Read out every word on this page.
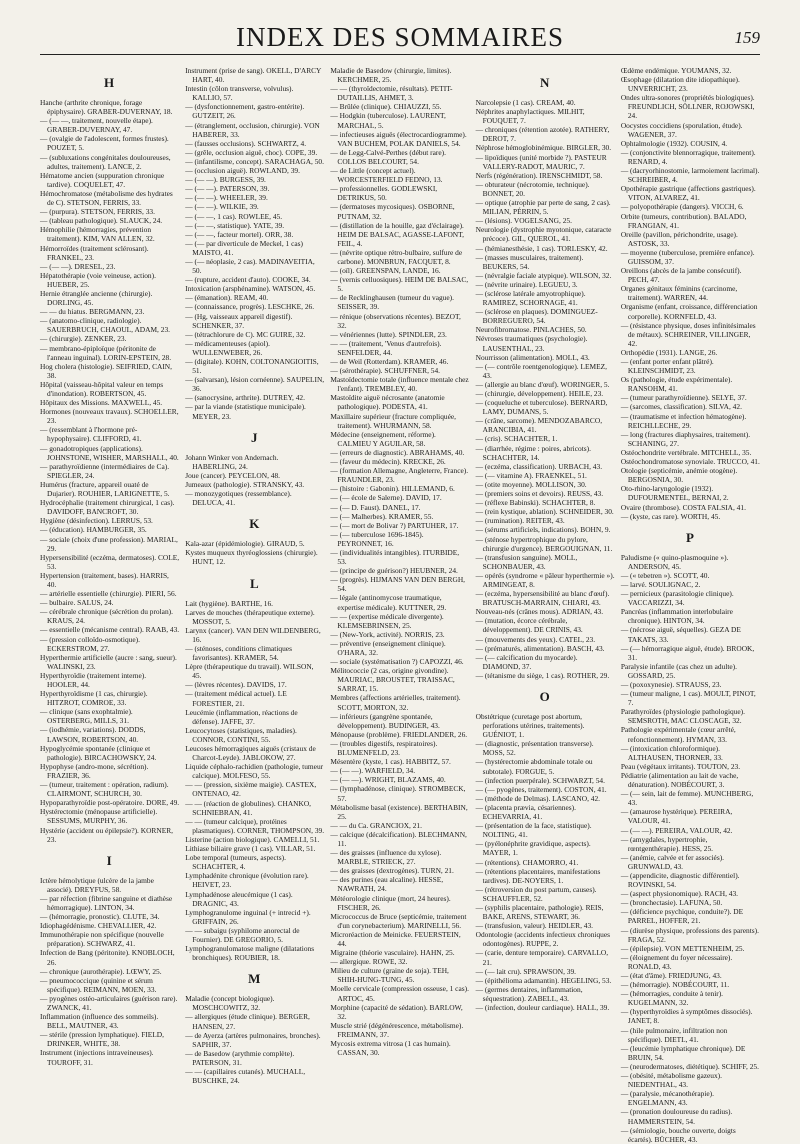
INDEX DES SOMMAIRES	159
H
Hanche (arthrite chronique, forage épiphysaire). GRABER-DUVERNAY, 18.
— (— —, traitement, nouvelle étape). GRABER-DUVERNAY, 47.
— (ovalgie de l'adolescent, formes frustes). POUZET, 5.
— (subluxations congénitales douloureuses, adultes, traitement). LANCE, 2.
Hématome ancien (suppuration chronique tardive). COQUELET, 47.
Hémochromatose (métabolisme des hydrates de C). STETSON, FERRIS, 33.
— (purpura). STETSON, FERRIS, 33.
— (tableau pathologique). SLAUCK, 24.
Hémophilie (hémorragies, prévention traitement). KIM, VAN ALLEN, 32.
Hémorroïdes (traitement sclérosant). FRANKEL, 23.
— (— —). DRESEL, 23.
Hépatothérapie (voie veineuse, action). HUEBER, 25.
Hernie étranglée ancienne (chirurgie). DORLING, 45.
— — du hiatus. BERGMANN, 23.
— (anatomo-clinique, radiologie). SAUERBRUCH, CHAOUL, ADAM, 23.
— (chirurgie). ZENKER, 23.
— membrano-épiploïque (péritonite de l'anneau inguinal). LORIN-EPSTEIN, 28.
Hog cholera (histologie). SEIFRIED, CAIN, 38.
Hôpital (vaisseau-hôpital valeur en temps d'inondation). ROBERTSON, 45.
Hôpitaux des Missions. MAXWELL, 45.
Hormones (nouveaux travaux). SCHOELLER, 23.
— (ressemblant à l'hormone pré-hypophysaire). CLIFFORD, 41.
— gonadotropiques (applications). JOHNSTONE, WISHER, MARSHALL, 40.
— parathyroïdienne (intermédiaires de Ca). SPIEGLER, 24.
Humérus (fracture, appareil ouaté de Dujarier). ROUHIER, LARIGNETTE, 5.
Hydrocéphalie (traitement chirurgical, 1 cas). DAVIDOFF, BANCROFT, 30.
Hygiène (désinfection). LERRUS, 53.
— (éducation). HAMBURGER, 35.
— sociale (choix d'une profession). MARIAL, 29.
Hypersensibilité (eczéma, dermatoses). COLE, 53.
Hypertension (traitement, bases). HARRIS, 40.
— artérielle essentielle (chirurgie). PIERI, 56.
— bulbaire. SALUS, 24.
— cérébrale chronique (sécrétion du prolan). KRAUS, 24.
— essentielle (mécanisme central). RAAB, 43.
— (pression colloïdo-osmotique). ECKERSTROM, 27.
Hyperthermie artificielle (aucre : sang, sueur). WALINSKI, 23.
Hyperthyroïdie (traitement interne). HOOLER, 44.
Hyperthyroïdisme (1 cas, chirurgie). HITZROT, COMROE, 33.
— clinique (sans exophtalmie). OSTERBERG, MILLS, 31.
— (iodhémie, variations). DODDS, LAWSON, ROBERTSON, 40.
Hypoglycémie spontanée (clinique et pathologie). BIRCACHOWSKY, 24.
Hypophyse (andro-mone, sécrétion). FRAZIER, 36.
— (tumeur, traitement : opération, radium). CLAIRMONT, SCHURCH, 30.
Hypoparathyroïdie post-opératoire. DORE, 49.
Hystérectomie (ménopause artificielle). SESSUMS, MURPHY, 36.
Hystérie (accident ou épilepsie?). KORNER, 23.
I
Ictère hémolytique (ulcère de la jambe associé). DREYFUS, 58.
— par réfection (fibrine sanguine et diathèse hémorragique). LINTON, 34.
— (hémorragie, pronostic). CLUTE, 34.
Idiophagédénisme. CHEVALLIER, 42.
Immunothérapie non spécifique (nouvelle préparation). SCHWARZ, 41.
Infection de Bang (péritonite). KNOBLOCH, 26.
— chronique (aurothérapie). LŒWY, 25.
— pneumococcique (quinine et sérum spécifique). REIMANN, MOEN, 33.
— pyogènes ostéo-articulaires (guérison rare). ZWANCK, 41.
Inflammation (influence des sommeils). BELL, MAUTNER, 43.
— stérile (pression lymphatique). FIELD, DRINKER, WHITE, 38.
Instrument (injections intraveineuses). TOUROFF, 31.
Instrument (prise de sang). OKELL, D'ARCY HART, 40.
Intestin (côlon transverse, volvulus). KALLIO, 57.
— (dysfonctionnement, gastro-entérite). GUTZEIT, 26.
— (étranglement, occlusion, chirurgie). VON HABERER, 33.
— (fausses occlusions). SCHWARTZ, 4.
— (grêle, occlusion aiguë, choc). COPE, 39.
— (infantilisme, concept). SARACHAGA, 50.
— (occlusion aiguë). ROWLAND, 39.
— (— —). BURGESS, 39.
— (— —). PATERSON, 39.
— (— —). WHEELER, 39.
— (— —). WILKIE, 39.
— (— —, 1 cas). ROWLEE, 45.
— (— —, statistique). YATE, 39.
— (— —, facteur mortel). ORR, 38.
— (— par diverticule de Meckel, 1 cas) MAISTO, 41.
— (— néoplasie, 2 cas). MADINAVEITIA, 50.
— (rupture, accident d'auto). COOKE, 34.
Intoxication (arsphénamine). WATSON, 45.
— (émanation). REAM, 40.
— (connaissance, progrès). LESCHKE, 26.
— (Hg, vaisseaux appareil digestif). SCHENKER, 37.
— (tétrachlorure de C). MC GUIRE, 32.
— médicamenteuses (apiol). WULLENWEBER, 26.
— (digitale). KOHN, COLTONANGIOITIS, 51.
— (salvarsan), lésion cornéenne). SAUPELIN, 36.
— (sanocrysine, arthrite). DUTREY, 42.
— par la viande (statistique municipale). MEYER, 23.
J
Johann Winker von Andernach. HABERLING, 24.
Joue (cancer). PEYCELON, 48.
Jumeaux (pathologie). STRANSKY, 43.
— monozygotiques (ressemblance). DELUCA, 41.
K
Kala-azar (épidémiologie). GIRAUD, 5.
Kystes muqueux thyréoglossiens (chirurgie). HUNT, 12.
L
Lait (hygiène). BARTHE, 16.
Larves de mouches (thérapeutique externe). MOSSOT, 5.
Larynx (cancer). VAN DEN WILDENBERG, 16.
— (sténoses, conditions climatiques favorisantes). KRAMER, 54.
Lèpre (thérapeutique du travail). WILSON, 45.
— (lèvres récentes). DAVIDS, 17.
— (traitement médical actuel). LE FORESTIER, 21.
Leucémie (inflammation, réactions de défense). JAFFE, 37.
Leucocytoses (statistiques, maladies). CONNOR, CONTINI, 55.
Leucoses hémorragiques aiguës (cristaux de Charcot-Leyde). JABLOKOW, 27.
Liquide céphalo-rachidien (pathologie, tumeur calcique). MOLFESO, 55.
— — (pression, sixième maigie). CASTEX, ONTENAO, 42.
— — (réaction de globulines). CHANKO, SCHNIEBRAN, 41.
— — (tumeur calcique), protéines plasmatiques). CORNER, THOMPSON, 39.
Listerine (action biologique). CAMELLI, 51.
Lithiase biliaire grave (1 cas). VILLAR, 51.
Lobe temporal (tumeurs, aspects). SCHACHTER, 4.
Lymphadénite chronique (évolution rare). HEIVET, 23.
Lymphadénose aleucémique (1 cas). DRAGNIC, 43.
Lymphogranulome inguinal (+ intrecid +). GRIFFAIN, 26.
— — subaigu (syphilome anorectal de Fournier). DE GREGORIO, 5.
Lymphogranulomatose maligne (dilatations bronchiques). ROUBIER, 18.
M
Maladie (concept biologique). MOSCHCOWITZ, 32.
— allergiques (étude clinique). BERGER, HANSEN, 27.
— de Ayerza (artères pulmonaires, bronches). SAPHIR, 37.
— de Basedow (arythmie complète). PATERSON, 31.
— — (capillaires cutanés). MUCHALL, BUSCHKE, 24.
Maladie de Basedow (chirurgie, limites). KERCHMER, 25.
— — (thyroïdectomie, résultats). PETIT-DUTAILLIS, AHMET, 3.
— Brûlée (clinique). CHIAUZZI, 55.
— Hodgkin (tuberculose). LAURENT, MARCHAL, 5.
— infectieuses aiguës (électrocardiogramme). VAN BUCHEM, POLAK DANIELS, 54.
— de Legg-Calvé-Perthes (début rare). COLLOS BELCOURT, 54.
— de Little (concept actuel). WORCESTERFIELD FEDNO, 13.
— professionnelles. GODLEWSKI, DETRIKUS, 50.
— (dermatoses mycosiques). OSBORNE, PUTNAM, 32.
— (distillation de la houille, gaz d'éclairage). HEIM DE BALSAC, AGASSE-LAFONT, FEIL, 4.
— (névrite optique rétro-bulbaire, sulfure de carbone). MONBRUN, FACQUET, 8.
— (oïl). GREENSPAN, LANDE, 16.
— (vernis celluosiques). HEIM DE BALSAC, 5.
— de Recklinghausen (tumeur du vague). SEISSER, 39.
— rénique (observations récentes). BEZOT, 32.
— vénériennes (lutte). SPINDLER, 23.
— — (traitement, 'Venus d'autrefois). SENFELDER, 44.
— de Weil (Rotterdam). KRAMER, 46.
— (sérothérapie). SCHUFFNER, 54.
Mastoïdectomie totale (influence mentale chez l'enfant). TREMBLEY, 40.
Mastoïdite aiguë nécrosante (anatomie pathologique). PODESTA, 41.
Maxillaire supérieur (fracture compliquée, traitement). WHURMANN, 58.
Médecine (enseignement, réforme). CALMIEU Y AGUILAR, 58.
— (erreurs de diagnostic). ABRAHAMS, 40.
— (faveur du médecin). KRECKE, 26.
— (formation Allemagne, Angleterre, France). FRAUNDLER, 23.
— (histoire : Gabonin). HILLEMAND, 6.
— (— école de Salerne). DAVID, 17.
— (— D. Faust). DANEL, 17.
— (— Malherbes). KRAMER, 55.
— (— mort de Bolivar ?) PARTUHER, 17.
— (— tuberculose 1696-1845). PEYRONNET, 16.
— (individualités intangibles). ITURBIDE, 53.
— (principe de guérison?) HEUBNER, 24.
— (progrès). HIJMANS VAN DEN BERGH, 54.
— légale (antinomycose traumatique, expertise médicale). KUTTNER, 29.
— — (expertise médicale divergente). KLEMSEBRINSEN, 25.
— (New-York, activité). NORRIS, 23.
— préventive (enseignement clinique). O'HARA, 32.
— sociale (systématisation ?) CAPOZZI, 46.
Mélitococcie (2 cas, origine givondine). MAURIAC, BROUSTET, TRAISSAC, SARRAT, 15.
Membres (affections artérielles, traitement). SCOTT, MORTON, 32.
— inférieurs (gangrène spontanée, développement). BUDINGER, 43.
Ménopause (problème). FRIEDLANDER, 26.
— (troubles digestifs, respiratoires). BLUMENFELD, 23.
Mésentère (kyste, 1 cas). HABBITZ, 57.
— (— —). WARFIELD, 34.
— (— —). WRIGHT, BLAZAMS, 40.
— (lymphadénose, clinique). STROMBECK, 57.
Métabolisme basal (existence). BERTHABIN, 25.
— — du Ca. GRANCIOX, 21.
— calcique (décalcification). BLECHMANN, 11.
— des graisses (influence du xylose). MARBLE, STRIECK, 27.
— des graisses (dextrogènes). TURN, 21.
— des purines (eau alcaline). HESSE, NAWRATH, 24.
Météorologie clinique (mort, 24 heures). FISCHER, 26.
Micrococcus de Bruce (septicémie, traitement d'un corynebacterium). MARINELLI, 56.
Microréaction de Meinicke. FEUERSTEIN, 44.
Migraine (théorie vasculaire). HAHN, 25.
— allergique. ROWE, 32.
Milieu de culture (graine de soja). TEH, SHIH-HUNG-TUNG, 45.
Moelle cervicale (compression osseuse, 1 cas). ARTOC, 45.
Morphine (capacité de sédation). BARLOW, 32.
Muscle strié (dégénérescence, métabolisme). FREIMANN, 37.
Mycosis extrema vitrosa (1 cas humain). CASSAN, 30.
N
Narcolepsie (1 cas). CREAM, 40.
Néphrites anaphylactiques. MILHIT, FOUQUET, 7.
— chroniques (rétention azotée). RATHERY, DEROT, 7.
Néphrose hémoglobinémique. BIRGLER, 30.
— lipoïdiques (unité morbide ?). PASTEUR VALLERY-RADOT, MAURIC, 7.
Nerfs (régénération). IRENSCHMIDT, 58.
— obturateur (nécrotomie, technique). BONNET, 20.
— optique (atrophie par perte de sang, 2 cas). MILIAN, PÉRRIN, 5.
— (lésions). VOGELSANG, 25.
Neurologie (dystrophie myotonique, cataracte précoce). GIL, QUEROL, 41.
— (hémianesthésie, 1 cas). TORLESKY, 42.
— (masses musculaires, traitement). BEUKERS, 54.
— (névralgie faciale atypique). WILSON, 32.
— (névrite urinaire). LEGUEU, 3.
— (sclérose latérale amyotrophique). RAMIREZ, SCHORNAGE, 41.
— (sclérose en plaques). DOMINGUEZ-BORREGUERO, 54.
Neurofibromatose. PINLACHES, 50.
Névroses traumatiques (psychologie). LAUSENTHAL, 23.
Nourrisson (alimentation). MOLL, 43.
— (— contrôle roentgenologique). LEMEZ, 43.
— (allergie au blanc d'œuf). WORINGER, 5.
— (chirurgie, développement). HEILE, 23.
— (coqueluche et tuberculose). BERNARD, LAMY, DUMANS, 5.
— (crâne, sarcome). MENDOZABARCO, ARANCIBIA, 41.
— (cris). SCHACHTER, 1.
— (diarrhée, régime : poires, abricots). SCHACHTER, 14.
— (eczéma, classification). URBACH, 43.
— (— vitamine A). FRAENKEL, 51.
— (otite moyenne). MOLLISON, 30.
— (premiers soins et devoirs). REUSS, 43.
— (réflexe Babinski). SCHACHTER, 8.
— (rein kystique, ablation). SCHNEIDER, 30.
— (rumination). REITER, 43.
— (sérums artificiels, indications). BOHN, 9.
— (sténose hypertrophique du pylore, chirurgie d'urgence). BERGOUIGNAN, 11.
— (transfusion sanguine). MOLL, SCHONBAUER, 43.
— opérés (syndrome « pâleur hyperthermie »). ARMINGEAT, 8.
— (eczéma, hypersensibilité au blanc d'œuf). BRATUSCH-MARRAIN, CHIARI, 43.
Nouveau-nés (crânes mous). ADRIAN, 43.
— (mutation, écorce cérébrale, développement). DE CRINIS, 43.
— (mouvements des yeux). CATEL, 23.
— (prématurés, alimentation). BASCH, 43.
— (— calcification du myocarde). DIAMOND, 37.
— (tétanisme du siège, 1 cas). ROTHER, 29.
O
Obstétrique (curetage post abortum, perforations utérines, traitements). GUÉNIOT, 1.
— (diagnostic, présentation transverse). MOSS, 52.
— (hystérectomie abdominale totale ou subtotale). FORGUE, 5.
— (infection puerpérale). SCHWARZT, 54.
— (— pyogènes, traitement). COSTON, 41.
— (méthode de Delmas). LASCANO, 42.
— (placenta prævia, césariennes). ECHEVARRIA, 41.
— (présentation de la face, statistique). NOLTING, 41.
— (pyélonéphrite gravidique, aspects). MAYER, 1.
— (rétentions). CHAMORRO, 41.
— (rétentions placentaires, manifestations tardives). DE-NOYERS, 1.
— (rétroversion du post partum, causes). SCHAUFFLER, 52.
— (syphilis placentaire, pathologie). REIS, BAKE, ARENS, STEWART, 36.
— (transfusion, valeur). HEIDLER, 43.
Odontologie (accidents infectieux chroniques odontogènes). RUPPE, 2.
— (carie, denture temporaire). CARVALLO, 21.
— (— lait cru). SPRAWSON, 39.
— (épithélioma adamantin). HEGELING, 53.
— (germes dentaires, inflammation, séquestration). ZABELL, 43.
— (infection, douleur cardiaque). HALL, 39.
Œdème endémique. YOUMANS, 32.
Œsophage (dilatation dite idiopathique). UNVERRICHT, 23.
Ondes ultra-sonores (propriétés biologiques). FREUNDLICH, SÖLLNER, ROJOWSKI, 24.
Oocystes coccidiens (sporulation, étude). WAGENER, 37.
Ophtalmologie (1932). COUSIN, 4.
— (conjonctivite blennorragique, traitement). RENARD, 4.
— (dacryorhinostomie, larmoiement lacrimal). SCHREIBER, 4.
Opothérapie gastrique (affections gastriques). VITON, ALVAREZ, 41.
— polyopothérapie (dangers). VICCH, 6.
Orbite (tumeurs, contribution). BALADO, FRANGIAN, 41.
Oreille (pavillon, périchondrite, usage). ASTOSK, 33.
— moyenne (tuberculose, première enfance). GUISSOM, 37.
Oreillons (abcès de la jambe consécutif). PECH, 47.
Organes génitaux féminins (carcinome, traitement). WARREN, 44.
Organisme (enfant, croissance, différenciation corporelle). KORNFELD, 43.
— (résistance physique, doses infinitésimales de métaux). SCHREINER, VILLINGER, 42.
Orthopédie (1931). LANGE, 26.
— (enfant porter enfant plâtré). KLEINSCHMIDT, 23.
Os (pathologie, étude expérimentale). RANSOHM, 41.
— (tumeur parathyroïdienne). SELYE, 37.
— (sarcomes, classification). SILVA, 42.
— (traumatisme et infection hématogène). REICHLLECHE, 29.
— long (fractures diaphysaires, traitement). SCHANING, 27.
Ostéochondrite vertébrale. MITCHELL, 35.
Ostéochondromatose synoviale. TRUCCO, 41.
Otologie (septicémie, anémie otogène). BERGOSNIA, 30.
Oto-rhino-laryngologie (1932). DUFOURMENTEL, BERNAI, 2.
Ovaire (thrombose). COSTA FALSIA, 41.
— (kyste, cas rare). WORTH, 45.
P
Paludisme (« quino-plasmoquine »). ANDERSON, 45.
— (« tebetren »). SCOTT, 40.
— larvé. SOULIGNAC, 2.
— pernicieux (parasitologie clinique). VACCARIZZI, 34.
Pancréas (inflammation interlobulaire chronique). HINTON, 34.
— (nécrose aiguë, séquelles). GEZA DE TAKATS, 33.
— (— hémorragique aiguë, étude). BROOK, 31.
Paralysie infantile (cas chez un adulte). GOSSARD, 25.
— (poxoxynesie). STRAUSS, 23.
— (tumeur maligne, 1 cas). MOULT, PINOT, 7.
Parathyroïdes (physiologie pathologique). SEMSROTH, MAC CLOSCAGE, 32.
Pathologie expérimentale (cœur arrêté, refonctionnement). HYMAN, 33.
— (intoxication chloroformique). ALTHAUSEN, THORNER, 33.
Peau (végétaux irritants). TOUTON, 23.
Pédiatrie (alimentation au lait de vache, dénaturation). NOBÉCOURT, 3.
— (— sein, lait de femme). MUNCHBERG, 43.
— (amaurose hystérique). PEREIRA, VALOUR, 41.
— (— —). PEREIRA, VALOUR, 42.
— (amygdales, hypertrophie, rœntgenthérapie). HESS, 25.
— (anémie, calvée et fer associés). GRUNWALD, 43.
— (appendicite, diagnostic différentiel). ROVINSKI, 54.
— (aspect physionomique). RACH, 43.
— (bronchectasie). LAFUNA, 50.
— (déficience psychique, conduite?). DE PARREL, HOFFER, 21.
— (diurèse physique, professions des parents). FRAGA, 52.
— (épilepsie). VON METTENHEIM, 25.
— (éloignement du foyer nécessaire). RONALD, 43.
— (état d'âme). FRIEDJUNG, 43.
— (hémorragie). NOBÉCOURT, 11.
— (hémorragies, conduite à tenir). KUGELMANN, 32.
— (hyperthyroïdies à symptômes dissociés). JANET, 8.
— (hile pulmonaire, infiltration non spécifique). DIETL, 41.
— (leucémie lymphatique chronique). DE BRUIN, 54.
— (neurodermatoses, diététique). SCHIFF, 25.
— (obésité, métabolisme gazeux). NIEDENTHAL, 43.
— (paralysie, mécanothérapie). ENGELMANN, 43.
— (pronation douloureuse du radius). HAMMERSTEIN, 54.
— (sémiologie, bouche ouverte, doigts écartés). BÜCHER, 43.
